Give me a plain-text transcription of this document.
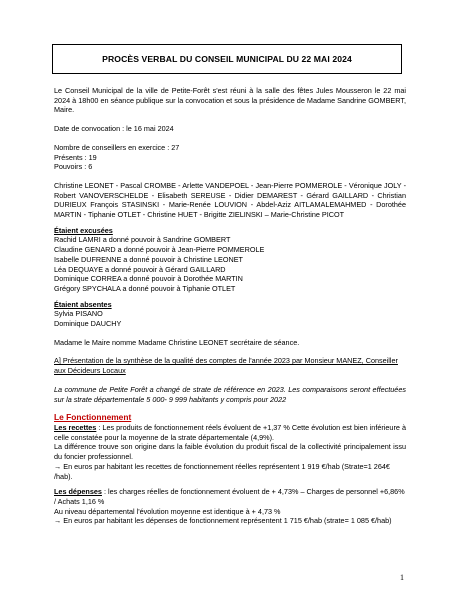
PROCÈS VERBAL DU CONSEIL MUNICIPAL DU 22 MAI 2024

Le Conseil Municipal de la ville de Petite-Forêt s'est réuni à la salle des fêtes Jules Mousseron le 22 mai 2024 à 18h00 en séance publique sur la convocation et sous la présidence de Madame Sandrine GOMBERT, Maire.

Date de convocation : le 16 mai 2024

Nombre de conseillers en exercice : 27

Présents : 19

Pouvoirs : 6

Christine LEONET - Pascal CROMBE - Arlette VANDEPOEL - Jean-Pierre POMMEROLE - Véronique JOLY - Robert VANOVERSCHELDE - Elisabeth SEREUSE - Didier DEMAREST - Gérard GAILLARD - Christian DURIEUX François STASINSKI - Marie-Renée LOUVION - Abdel-Aziz AITLAMALEMAHMED - Dorothée MARTIN - Tiphanie OTLET - Christine HUET - Brigitte ZIELINSKI – Marie-Christine PICOT

Étaient excusées

Rachid LAMRI a donné pouvoir à Sandrine GOMBERT

Claudine GENARD a donné pouvoir à Jean-Pierre POMMEROLE

Isabelle DUFRENNE a donné pouvoir à Christine LEONET

Léa DEQUAYE a donné pouvoir à Gérard GAILLARD

Dominique CORREA a donné pouvoir à Dorothée MARTIN

Grégory SPYCHALA a donné pouvoir à Tiphanie OTLET

Étaient absentes

Sylvia PISANO

Dominique DAUCHY

Madame le Maire nomme Madame Christine LEONET secrétaire de séance.

A] Présentation de la synthèse de la qualité des comptes de l'année 2023 par Monsieur MANEZ, Conseiller aux Décideurs Locaux

La commune de Petite Forêt a changé de strate de référence en 2023. Les comparaisons seront effectuées sur la strate départementale 5 000- 9 999 habitants y compris pour 2022

Le Fonctionnement

Les recettes : Les produits de fonctionnement réels évoluent de +1,37 % Cette évolution est bien inférieure à celle constatée pour la moyenne de la strate départementale (4,9%).

La différence trouve son origine dans la faible évolution du produit fiscal de la collectivité principalement issu du foncier professionnel.

→ En euros par habitant les recettes de fonctionnement réelles représentent 1 919 €/hab (Strate=1 264€ /hab).

Les dépenses : les charges réelles de fonctionnement évoluent de + 4,73% – Charges de personnel +6,86% / Achats 1,16 %

Au niveau départemental l'évolution moyenne est identique à + 4,73 %

→ En euros par habitant les dépenses de fonctionnement représentent 1 715 €/hab (strate= 1 085 €/hab)

1
